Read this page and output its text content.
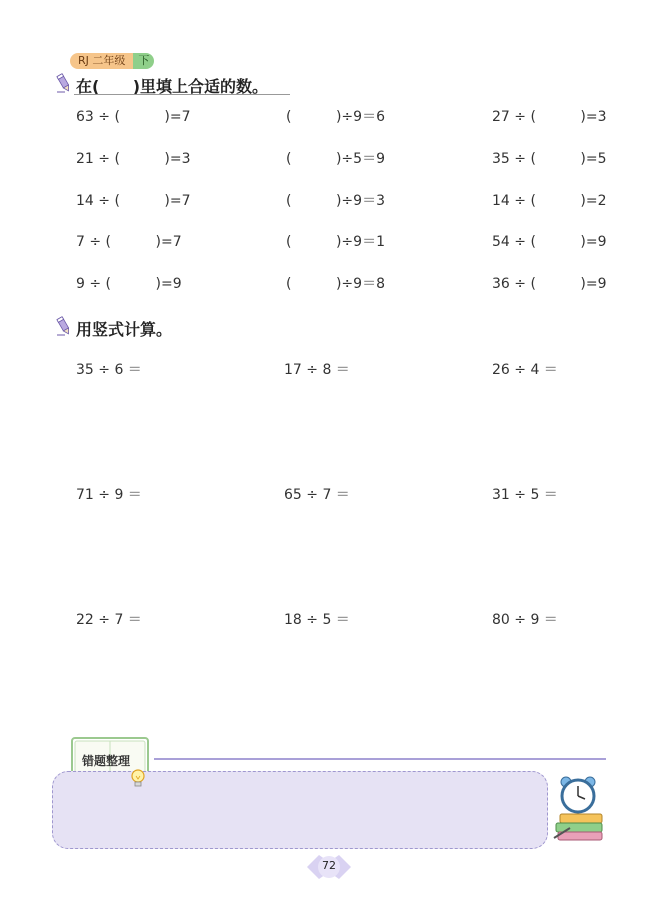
RJ 二年级	下
在(      )里填上合适的数。
63 ÷ (          )=7	(          )÷9＝6	27 ÷ (          )=3
21 ÷ (          )=3	(          )÷5＝9	35 ÷ (          )=5
14 ÷ (          )=7	(          )÷9＝3	14 ÷ (          )=2
7 ÷ (          )=7	(          )÷9＝1	54 ÷ (          )=9
9 ÷ (          )=9	(          )÷9＝8	36 ÷ (          )=9
用竖式计算。
35 ÷ 6 ＝	17 ÷ 8 ＝	26 ÷ 4 ＝
71 ÷ 9 ＝	65 ÷ 7 ＝	31 ÷ 5 ＝
22 ÷ 7 ＝	18 ÷ 5 ＝	80 ÷ 9 ＝
错题整理
72
